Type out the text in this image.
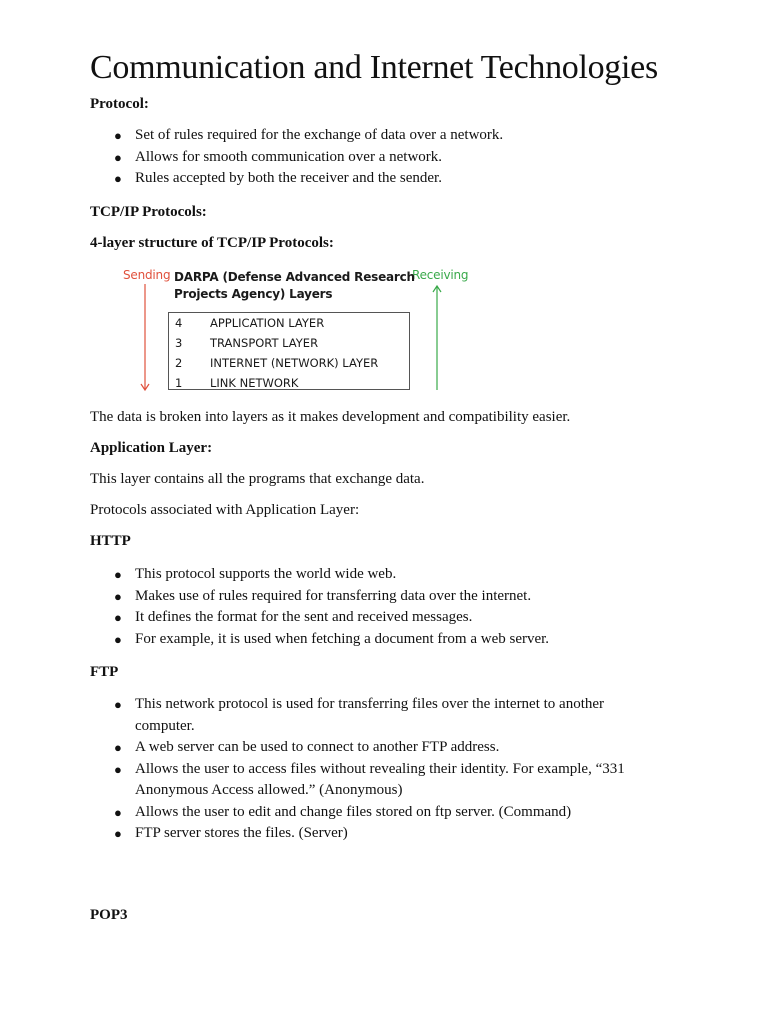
Communication and Internet Technologies
Protocol:
● Set of rules required for the exchange of data over a network.
● Allows for smooth communication over a network.
● Rules accepted by both the receiver and the sender.
TCP/IP Protocols:
4-layer structure of TCP/IP Protocols:
Sending	Receiving
DARPA (Defense Advanced Research
Projects Agency) Layers
4 APPLICATION LAYER
3 TRANSPORT LAYER
2 INTERNET (NETWORK) LAYER
1 LINK NETWORK
The data is broken into layers as it makes development and compatibility easier.
Application Layer:
This layer contains all the programs that exchange data.
Protocols associated with Application Layer:
HTTP
● This protocol supports the world wide web.
● Makes use of rules required for transferring data over the internet.
● It defines the format for the sent and received messages.
● For example, it is used when fetching a document from a web server.
FTP
● This network protocol is used for transferring files over the internet to another
computer.
● A web server can be used to connect to another FTP address.
● Allows the user to access files without revealing their identity. For example, “331
Anonymous Access allowed.” (Anonymous)
● Allows the user to edit and change files stored on ftp server. (Command)
● FTP server stores the files. (Server)
POP3
